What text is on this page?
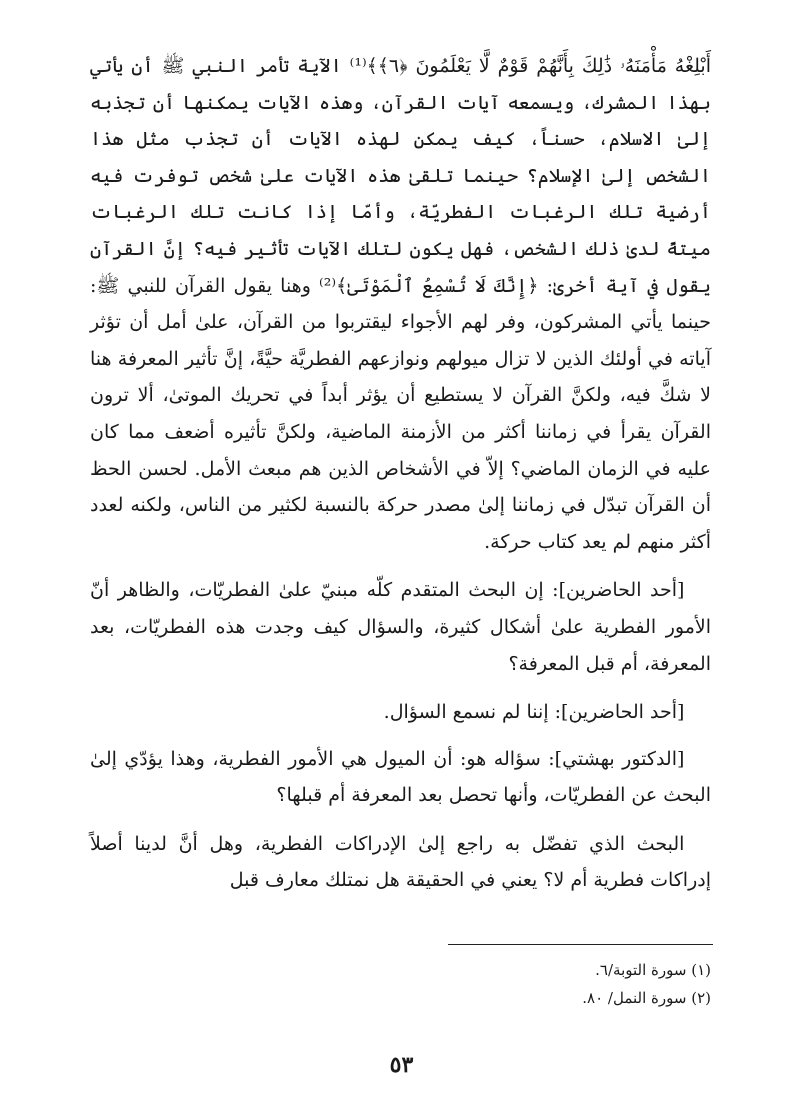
أَبْلِغْهُ مَأْمَنَهُۥ ذَٰلِكَ بِأَنَّهُمْ قَوْمٌ لَّا يَعْلَمُونَ ﴿٦﴾﴾⁽¹⁾ الآية تأمر النبي ﷺ أن يأتي بهذا المشرك، ويسمعه آيات القرآن، وهذه الآيات يمكنها أن تجذبه إلىٰ الاسلام، حسناً، كيف يمكن لهذه الآيات أن تجذب مثل هذا الشخص إلىٰ الإسلام؟ حينما تلقىٰ هذه الآيات علىٰ شخص توفرت فيه أرضية تلك الرغبات الفطريّة، وأمّا إذا كانت تلك الرغبات ميتةً لدىٰ ذلك الشخص، فهل يكون لتلك الآيات تأثير فيه؟ إنَّ القرآن يقول في آية أخرىٰ: ﴿إِنَّكَ لَا تُسْمِعُ ٱلْمَوْتَىٰ﴾⁽²⁾ وهنا يقول القرآن للنبي ﷺ: حينما يأتي المشركون، وفر لهم الأجواء ليقتربوا من القرآن، علىٰ أمل أن تؤثر آياته في أولئك الذين لا تزال ميولهم ونوازعهم الفطريَّة حيَّةً، إنَّ تأثير المعرفة هنا لا شكَّ فيه، ولكنَّ القرآن لا يستطيع أن يؤثر أبداً في تحريك الموتىٰ، ألا ترون القرآن يقرأ في زماننا أكثر من الأزمنة الماضية، ولكنَّ تأثيره أضعف مما كان عليه في الزمان الماضي؟ إلاّ في الأشخاص الذين هم مبعث الأمل. لحسن الحظ أن القرآن تبدّل في زماننا إلىٰ مصدر حركة بالنسبة لكثير من الناس، ولكنه لعدد أكثر منهم لم يعد كتاب حركة.

[أحد الحاضرين]: إن البحث المتقدم كلّه مبنيّ علىٰ الفطريّات، والظاهر أنّ الأمور الفطرية علىٰ أشكال كثيرة، والسؤال كيف وجدت هذه الفطريّات، بعد المعرفة، أم قبل المعرفة؟

[أحد الحاضرين]: إننا لم نسمع السؤال.

[الدكتور بهشتي]: سؤاله هو: أن الميول هي الأمور الفطرية، وهذا يؤدّي إلىٰ البحث عن الفطريّات، وأنها تحصل بعد المعرفة أم قبلها؟

البحث الذي تفضّل به راجع إلىٰ الإدراكات الفطرية، وهل أنَّ لدينا أصلاً إدراكات فطرية أم لا؟ يعني في الحقيقة هل نمتلك معارف قبل

(١) سورة التوبة/٦.
(٢) سورة النمل/ ٨٠.
٥٣
